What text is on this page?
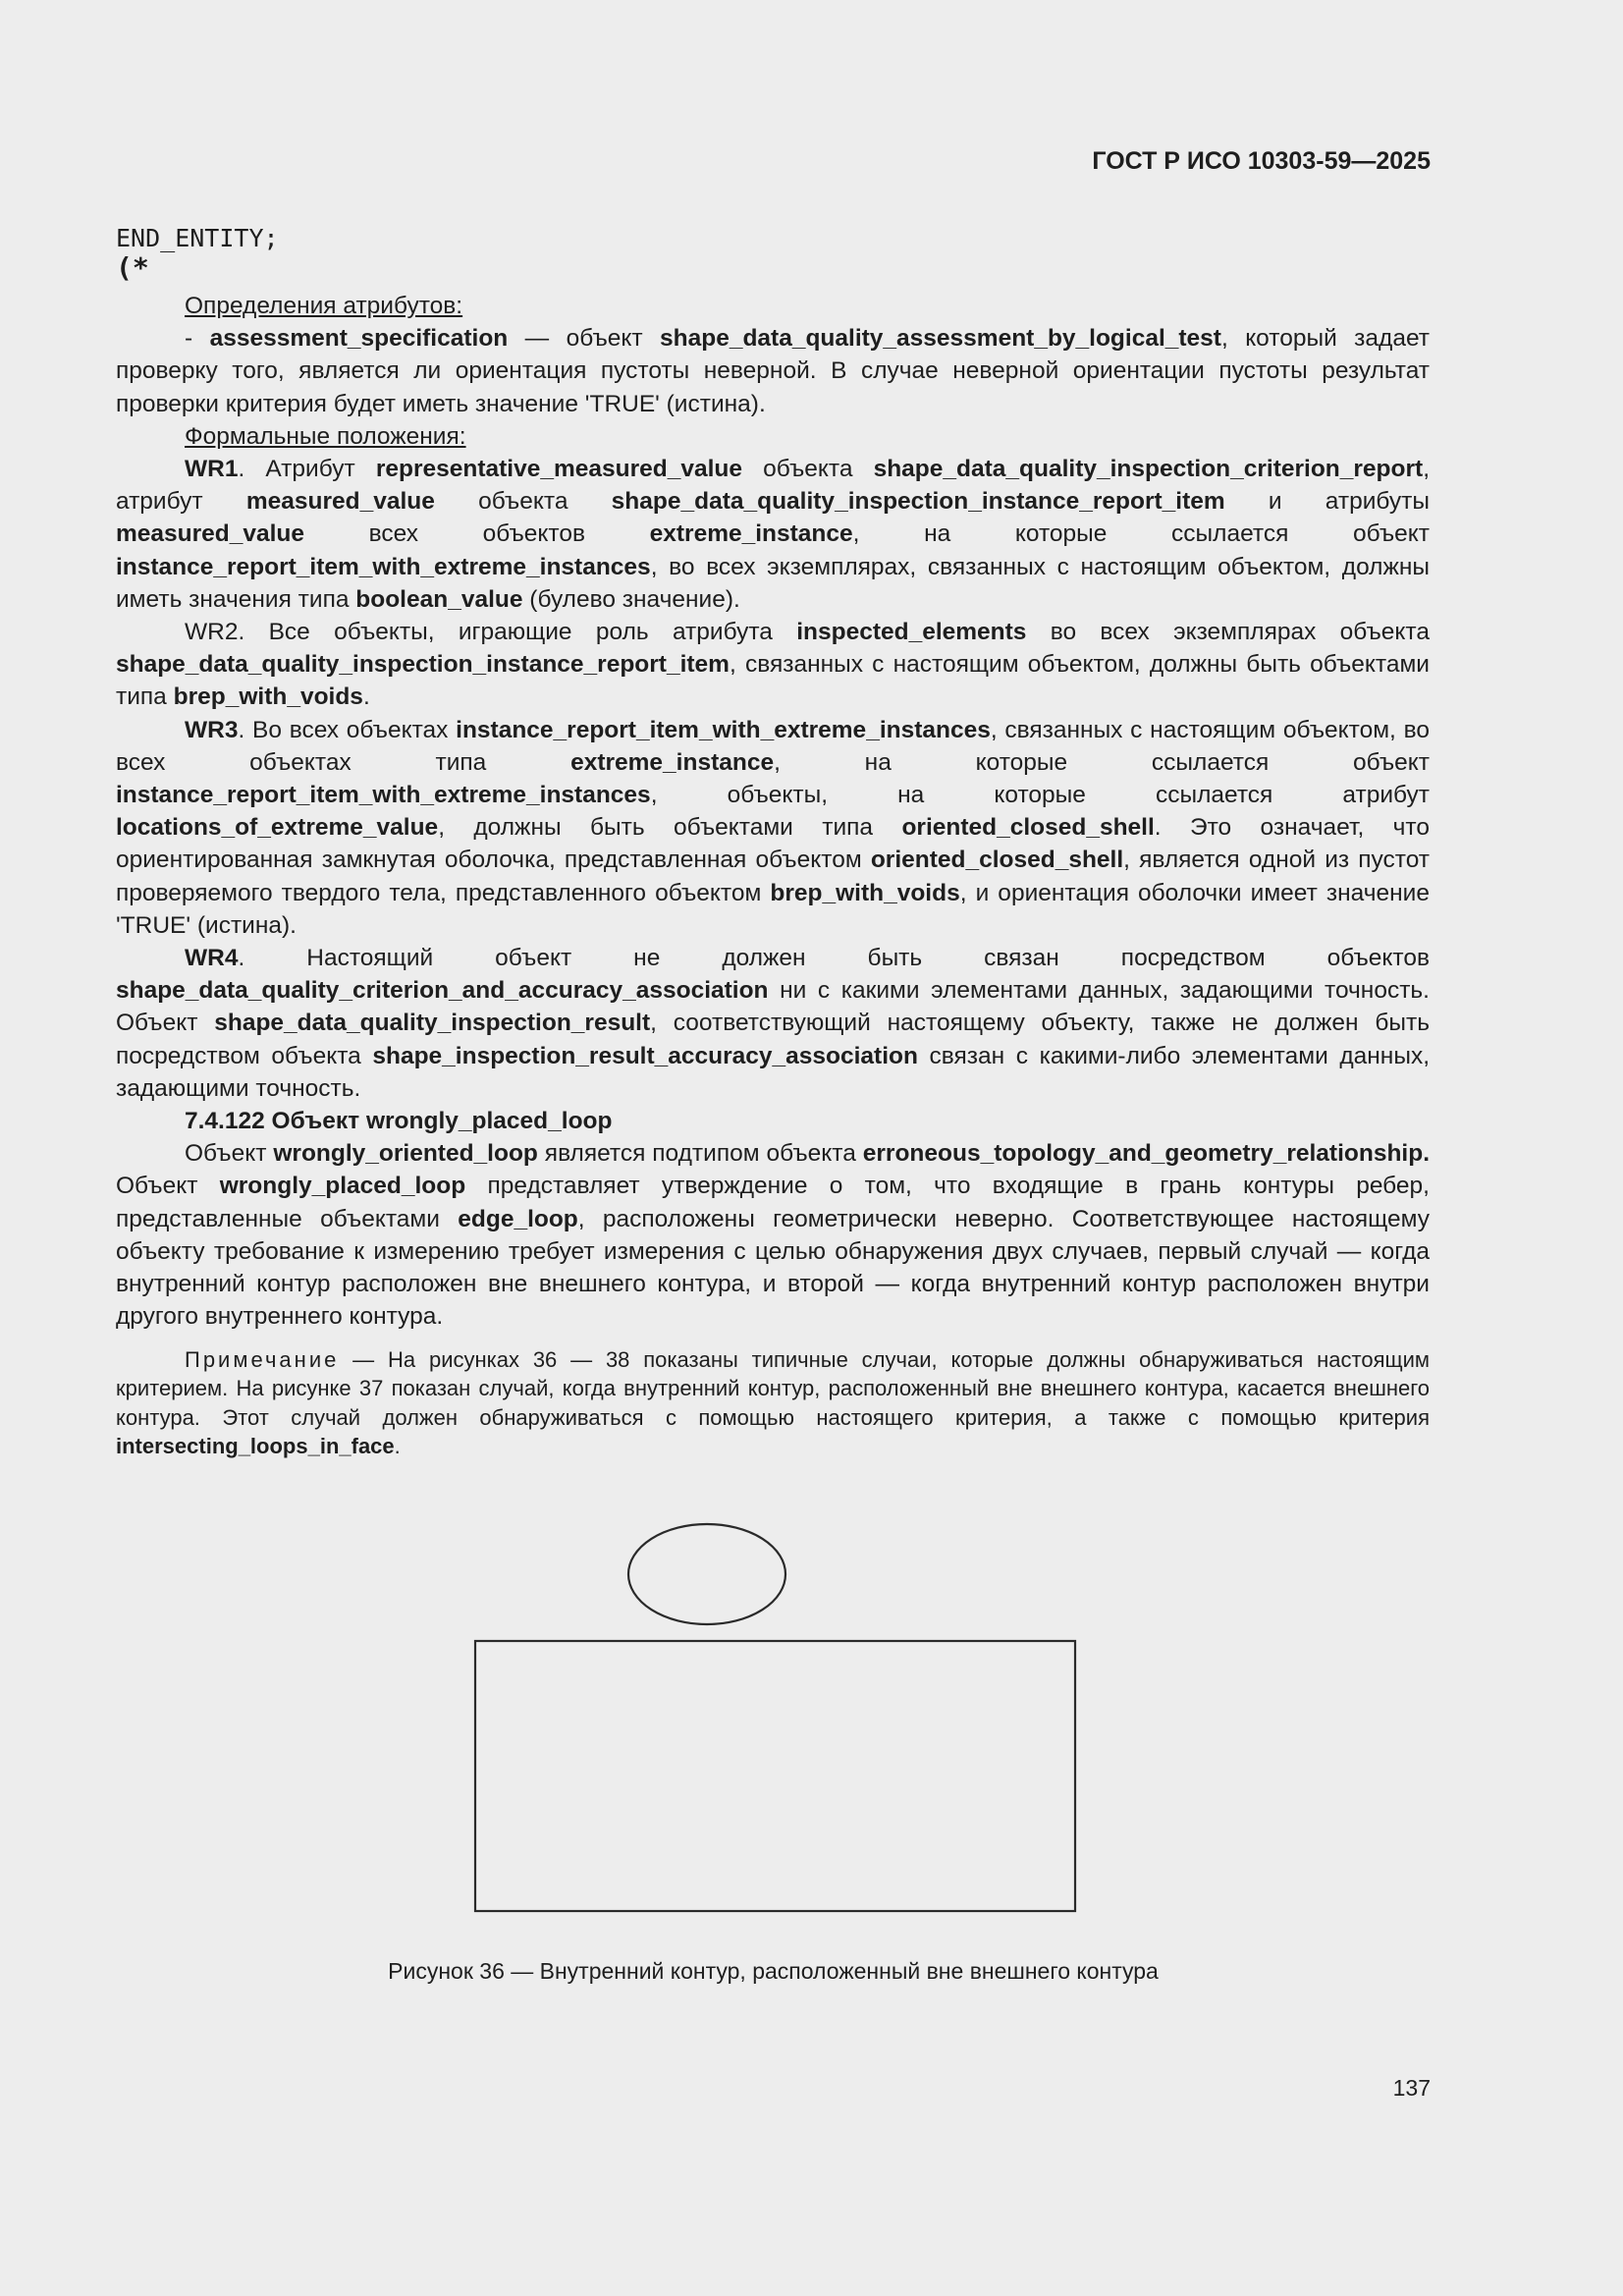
ГОСТ Р ИСО 10303-59—2025
END_ENTITY;
(*

Определения атрибутов:

- assessment_specification — объект shape_data_quality_assessment_by_logical_test, который задает проверку того, является ли ориентация пустоты неверной. В случае неверной ориентации пустоты результат проверки критерия будет иметь значение 'TRUE' (истина).

Формальные положения:

WR1. Атрибут representative_measured_value объекта shape_data_quality_inspection_criterion_report, атрибут measured_value объекта shape_data_quality_inspection_instance_report_item и атрибуты measured_value всех объектов extreme_instance, на которые ссылается объект instance_report_item_with_extreme_instances, во всех экземплярах, связанных с настоящим объектом, должны иметь значения типа boolean_value (булево значение).

WR2. Все объекты, играющие роль атрибута inspected_elements во всех экземплярах объекта shape_data_quality_inspection_instance_report_item, связанных с настоящим объектом, должны быть объектами типа brep_with_voids.

WR3. Во всех объектах instance_report_item_with_extreme_instances, связанных с настоящим объектом, во всех объектах типа extreme_instance, на которые ссылается объект instance_report_item_with_extreme_instances, объекты, на которые ссылается атрибут locations_of_extreme_value, должны быть объектами типа oriented_closed_shell. Это означает, что ориентированная замкнутая оболочка, представленная объектом oriented_closed_shell, является одной из пустот проверяемого твердого тела, представленного объектом brep_with_voids, и ориентация оболочки имеет значение 'TRUE' (истина).

WR4. Настоящий объект не должен быть связан посредством объектов shape_data_quality_criterion_and_accuracy_association ни с какими элементами данных, задающими точность. Объект shape_data_quality_inspection_result, соответствующий настоящему объекту, также не должен быть посредством объекта shape_inspection_result_accuracy_association связан с какими-либо элементами данных, задающими точность.

7.4.122 Объект wrongly_placed_loop

Объект wrongly_oriented_loop является подтипом объекта erroneous_topology_and_geometry_relationship. Объект wrongly_placed_loop представляет утверждение о том, что входящие в грань контуры ребер, представленные объектами edge_loop, расположены геометрически неверно. Соответствующее настоящему объекту требование к измерению требует измерения с целью обнаружения двух случаев, первый случай — когда внутренний контур расположен вне внешнего контура, и второй — когда внутренний контур расположен внутри другого внутреннего контура.

Примечание — На рисунках 36 — 38 показаны типичные случаи, которые должны обнаруживаться настоящим критерием. На рисунке 37 показан случай, когда внутренний контур, расположенный вне внешнего контура, касается внешнего контура. Этот случай должен обнаруживаться с помощью настоящего критерия, а также с помощью критерия intersecting_loops_in_face.

Рисунок 36 — Внутренний контур, расположенный вне внешнего контура
137
